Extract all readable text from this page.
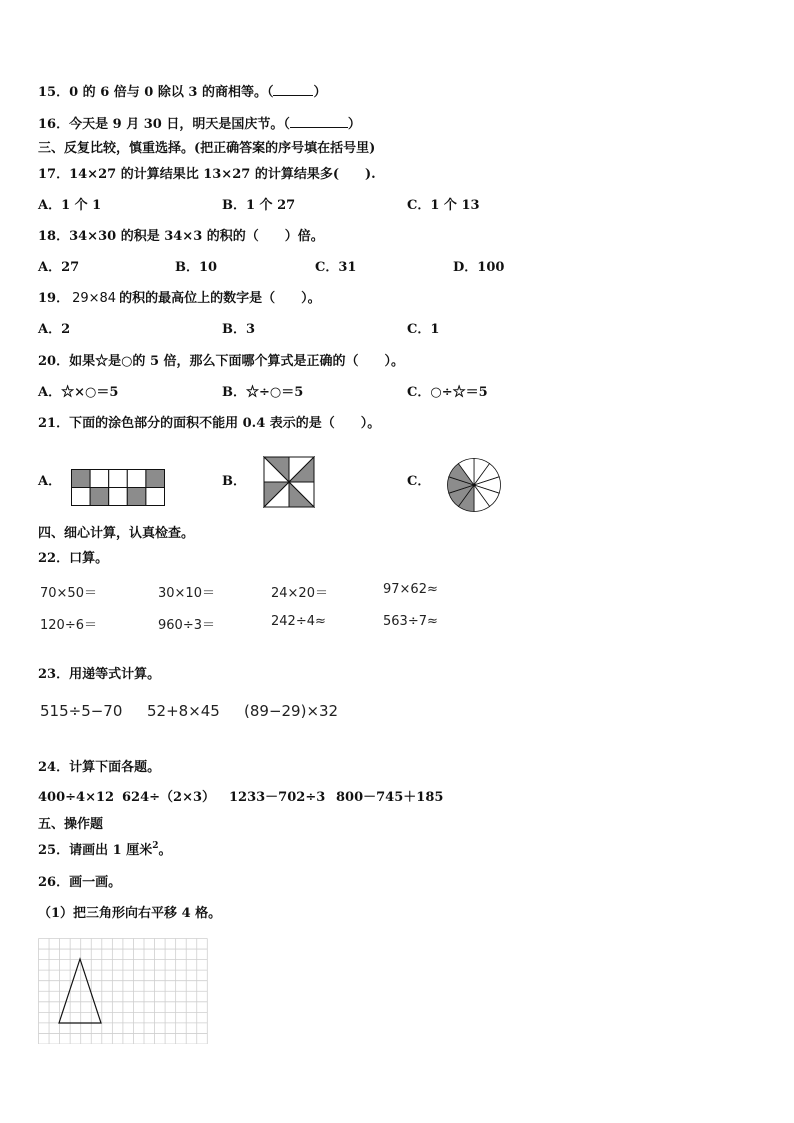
15．0 的 6 倍与 0 除以 3 的商相等。（	）
16．今天是 9 月 30 日，明天是国庆节。（	）
三、反复比较，慎重选择。(把正确答案的序号填在括号里)
17．14×27 的计算结果比 13×27 的计算结果多(　　).
A．1 个 1	B．1 个 27	C．1 个 13
18．34×30 的积是 34×3 的积的（　　）倍。
A．27	B．10	C．31	D．100
19． 29×84 的积的最高位上的数字是（　　）。
A．2	B．3	C．1
20．如果☆是○的 5 倍，那么下面哪个算式是正确的（　　）。
A．☆×○＝5	B．☆÷○＝5	C．○÷☆＝5
21．下面的涂色部分的面积不能用 0.4 表示的是（　　）。
A．	B．	C．
四、细心计算，认真检查。
22．口算。
70×50＝	30×10＝	24×20＝	97×62≈
120÷6＝	960÷3＝	242÷4≈	563÷7≈
23．用递等式计算。
515÷5−70 52+8×45 (89−29)×32
24．计算下面各题。
400÷4×12 624÷（2×3） 1233－702÷3 800－745＋185
五、操作题
25．请画出 1 厘米$^2$。
26．画一画。
（1）把三角形向右平移 4 格。
